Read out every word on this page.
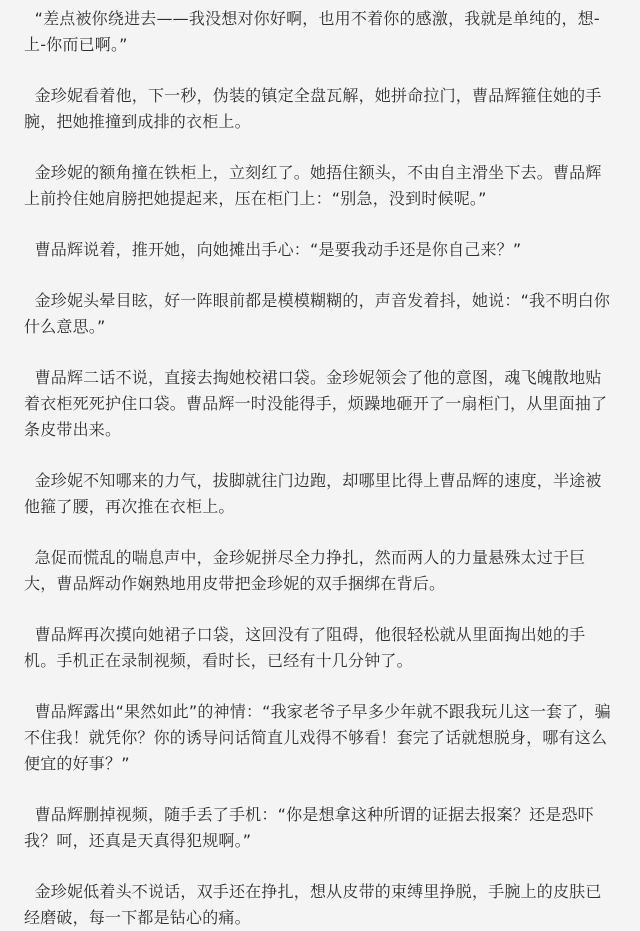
“差点被你绕进去——我没想对你好啊，也用不着你的感激，我就是单纯的，想-上-你而已啊。”

金珍妮看着他，下一秒，伪装的镇定全盘瓦解，她拼命拉门，曹品辉箍住她的手腕，把她推撞到成排的衣柜上。

金珍妮的额角撞在铁柜上，立刻红了。她捂住额头，不由自主滑坐下去。曹品辉上前拎住她肩膀把她提起来，压在柜门上：“别急，没到时候呢。”

曹品辉说着，推开她，向她摊出手心：“是要我动手还是你自己来？”

金珍妮头晕目眩，好一阵眼前都是模模糊糊的，声音发着抖，她说：“我不明白你什么意思。”

曹品辉二话不说，直接去掏她校裙口袋。金珍妮领会了他的意图，魂飞魄散地贴着衣柜死死护住口袋。曹品辉一时没能得手，烦躁地砸开了一扇柜门，从里面抽了条皮带出来。

金珍妮不知哪来的力气，拔脚就往门边跑，却哪里比得上曹品辉的速度，半途被他箍了腰，再次推在衣柜上。

急促而慌乱的喘息声中，金珍妮拼尽全力挣扎，然而两人的力量悬殊太过于巨大，曹品辉动作娴熟地用皮带把金珍妮的双手捆绑在背后。

曹品辉再次摸向她裙子口袋，这回没有了阻碍，他很轻松就从里面掏出她的手机。手机正在录制视频，看时长，已经有十几分钟了。

曹品辉露出“果然如此”的神情：“我家老爷子早多少年就不跟我玩儿这一套了，骗不住我！就凭你？你的诱导问话简直儿戏得不够看！套完了话就想脱身，哪有这么便宜的好事？”

曹品辉删掉视频，随手丢了手机：“你是想拿这种所谓的证据去报案？还是恐吓我？呵，还真是天真得犯规啊。”

金珍妮低着头不说话，双手还在挣扎，想从皮带的束缚里挣脱，手腕上的皮肤已经磨破，每一下都是钻心的痛。
